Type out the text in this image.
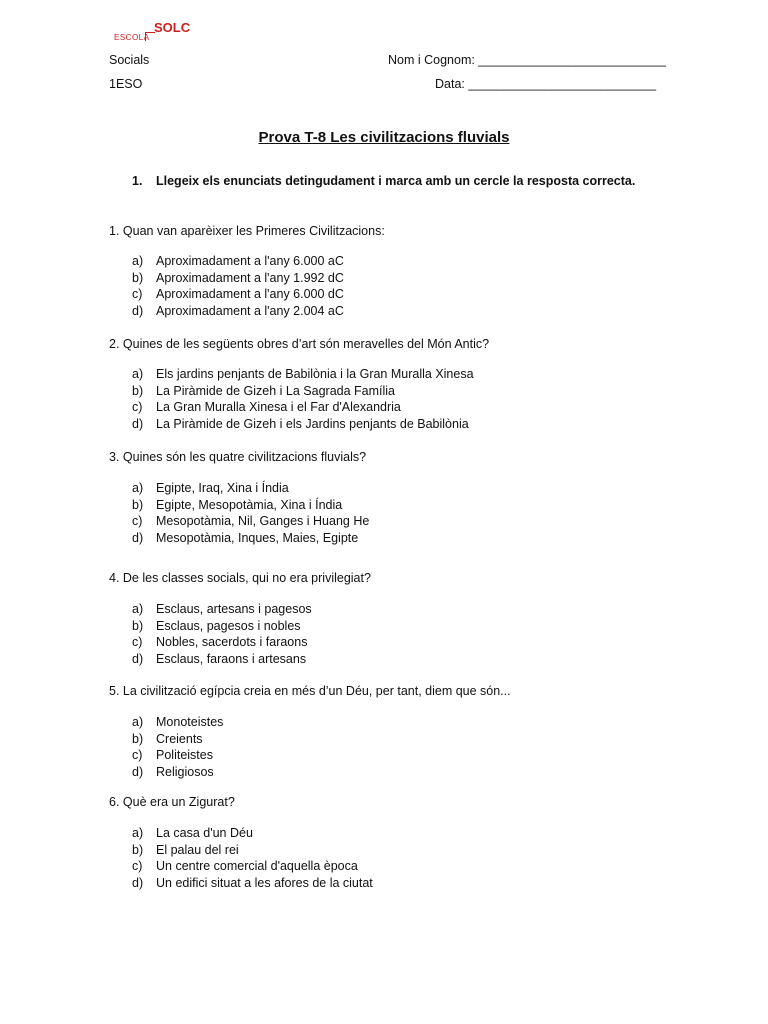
ESCOLA
SOLC
Socials
1ESO
Nom i Cognom: ___________________________
Data: ___________________________
Prova T-8 Les civilitzacions fluvials
1. Llegeix els enunciats detingudament i marca amb un cercle la resposta correcta.
1. Quan van aparèixer les Primeres Civilitzacions:
a) Aproximadament a l'any 6.000 aC
b) Aproximadament a l'any 1.992 dC
c) Aproximadament a l'any 6.000 dC
d) Aproximadament a l'any 2.004 aC
2. Quines de les següents obres d’art són meravelles del Món Antic?
a) Els jardins penjants de Babilònia i la Gran Muralla Xinesa
b) La Piràmide de Gizeh i La Sagrada Família
c) La Gran Muralla Xinesa i el Far d'Alexandria
d) La Piràmide de Gizeh i els Jardins penjants de Babilònia
3. Quines són les quatre civilitzacions fluvials?
a) Egipte, Iraq, Xina i Índia
b) Egipte, Mesopotàmia, Xina i Índia
c) Mesopotàmia, Nil, Ganges i Huang He
d) Mesopotàmia, Inques, Maies, Egipte
4. De les classes socials, qui no era privilegiat?
a) Esclaus, artesans i pagesos
b) Esclaus, pagesos i nobles
c) Nobles, sacerdots i faraons
d) Esclaus, faraons i artesans
5. La civilització egípcia creia en més d’un Déu, per tant, diem que són...
a) Monoteistes
b) Creients
c) Politeistes
d) Religiosos
6. Què era un Zigurat?
a) La casa d'un Déu
b) El palau del rei
c) Un centre comercial d'aquella època
d) Un edifici situat a les afores de la ciutat
